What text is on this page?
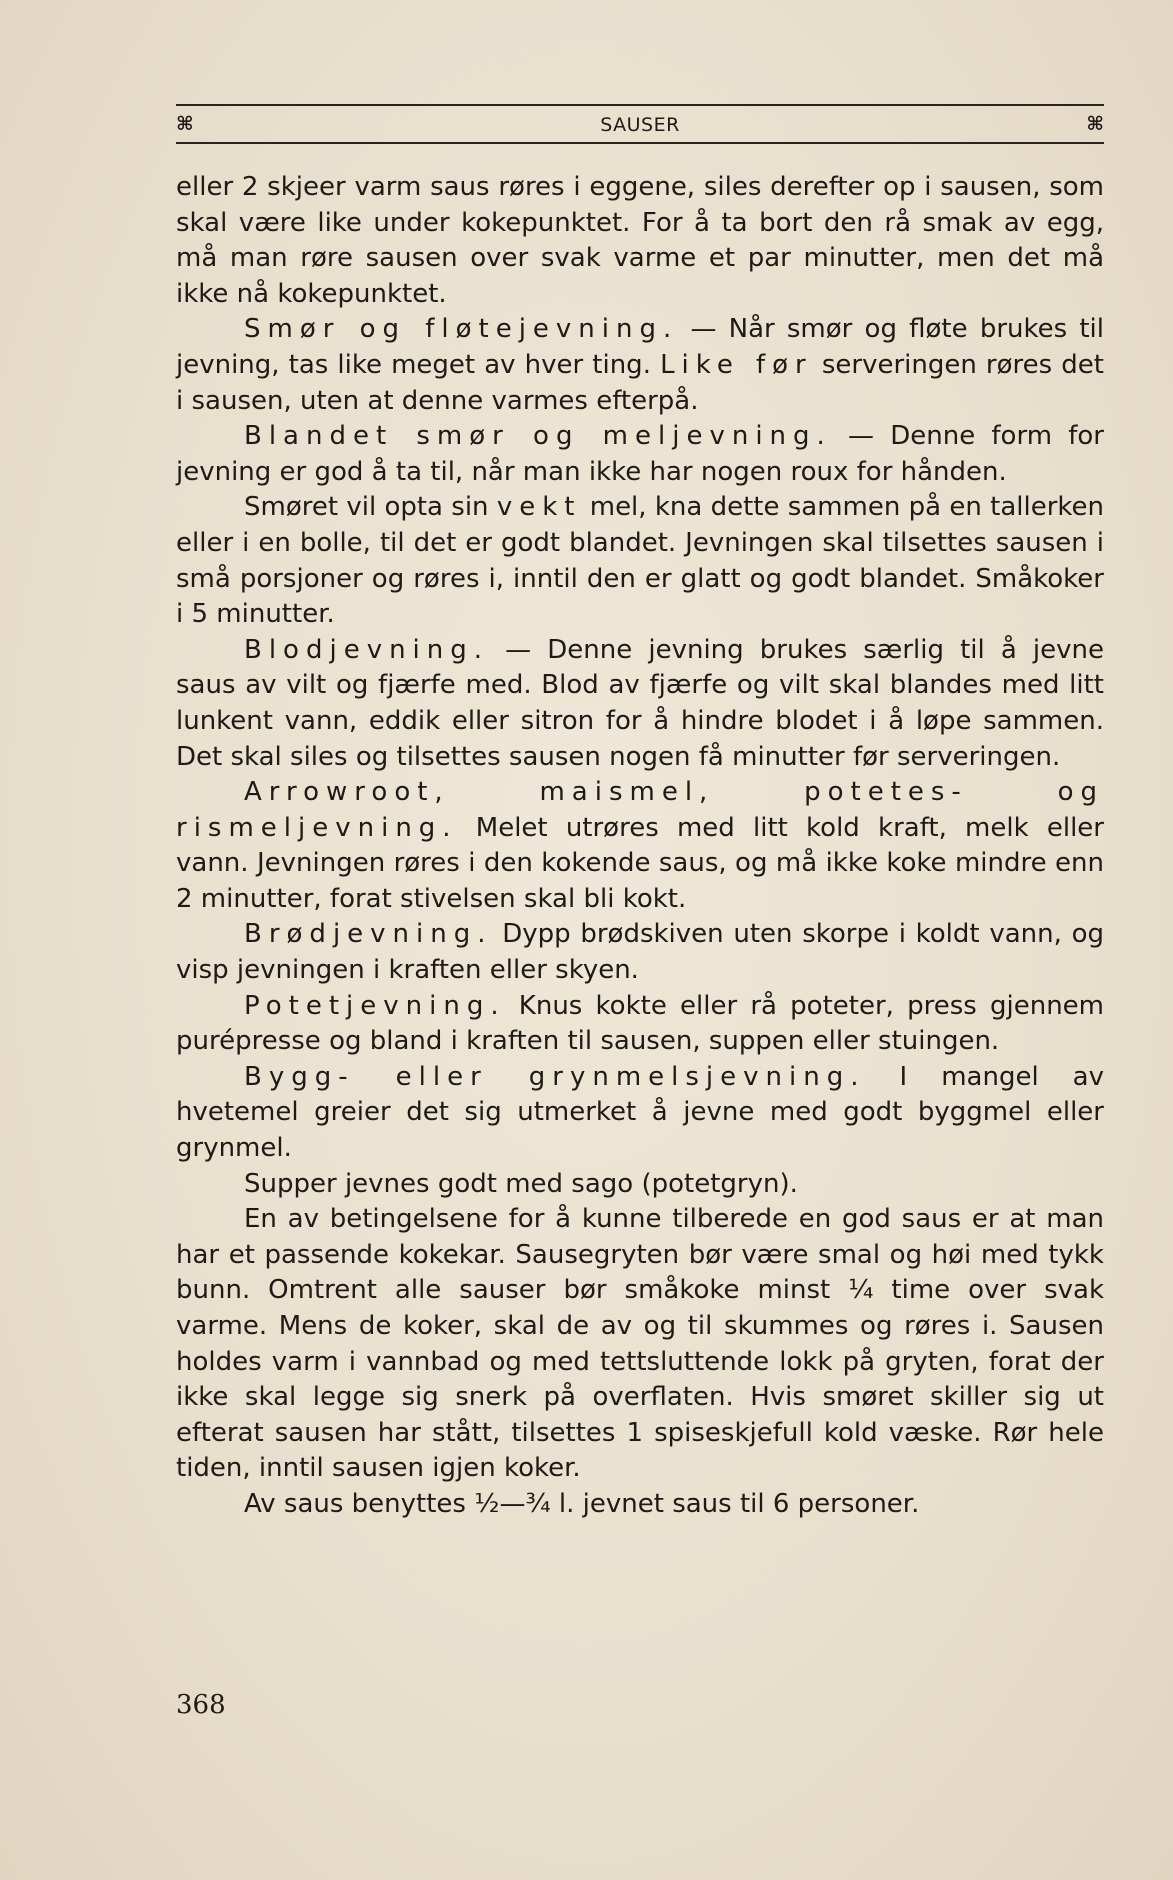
⌘	SAUSER	⌘

eller 2 skjeer varm saus røres i eggene, siles derefter op i sausen, som skal være like under kokepunktet. For å ta bort den rå smak av egg, må man røre sausen over svak varme et par minutter, men det må ikke nå kokepunktet.

Smør og fløtejevning. — Når smør og fløte brukes til jevning, tas like meget av hver ting. Like før serveringen røres det i sausen, uten at denne varmes efterpå.

Blandet smør og meljevning. — Denne form for jevning er god å ta til, når man ikke har nogen roux for hånden.

Smøret vil opta sin vekt mel, kna dette sammen på en tallerken eller i en bolle, til det er godt blandet. Jevningen skal tilsettes sausen i små porsjoner og røres i, inntil den er glatt og godt blandet. Småkoker i 5 minutter.

Blodjevning. — Denne jevning brukes særlig til å jevne saus av vilt og fjærfe med. Blod av fjærfe og vilt skal blandes med litt lunkent vann, eddik eller sitron for å hindre blodet i å løpe sammen. Det skal siles og tilsettes sausen nogen få minutter før serveringen.

Arrowroot, maismel, potetes- og rismeljevning. Melet utrøres med litt kold kraft, melk eller vann. Jevningen røres i den kokende saus, og må ikke koke mindre enn 2 minutter, forat stivelsen skal bli kokt.

Brødjevning. Dypp brødskiven uten skorpe i koldt vann, og visp jevningen i kraften eller skyen.

Potetjevning. Knus kokte eller rå poteter, press gjennem purépresse og bland i kraften til sausen, suppen eller stuingen.

Bygg- eller grynmelsjevning. I mangel av hvetemel greier det sig utmerket å jevne med godt byggmel eller grynmel.

Supper jevnes godt med sago (potetgryn).

En av betingelsene for å kunne tilberede en god saus er at man har et passende kokekar. Sausegryten bør være smal og høi med tykk bunn. Omtrent alle sauser bør småkoke minst ¼ time over svak varme. Mens de koker, skal de av og til skummes og røres i. Sausen holdes varm i vannbad og med tettsluttende lokk på gryten, forat der ikke skal legge sig snerk på overflaten. Hvis smøret skiller sig ut efterat sausen har stått, tilsettes 1 spiseskjefull kold væske. Rør hele tiden, inntil sausen igjen koker.

Av saus benyttes ½—¾ l. jevnet saus til 6 personer.

368
